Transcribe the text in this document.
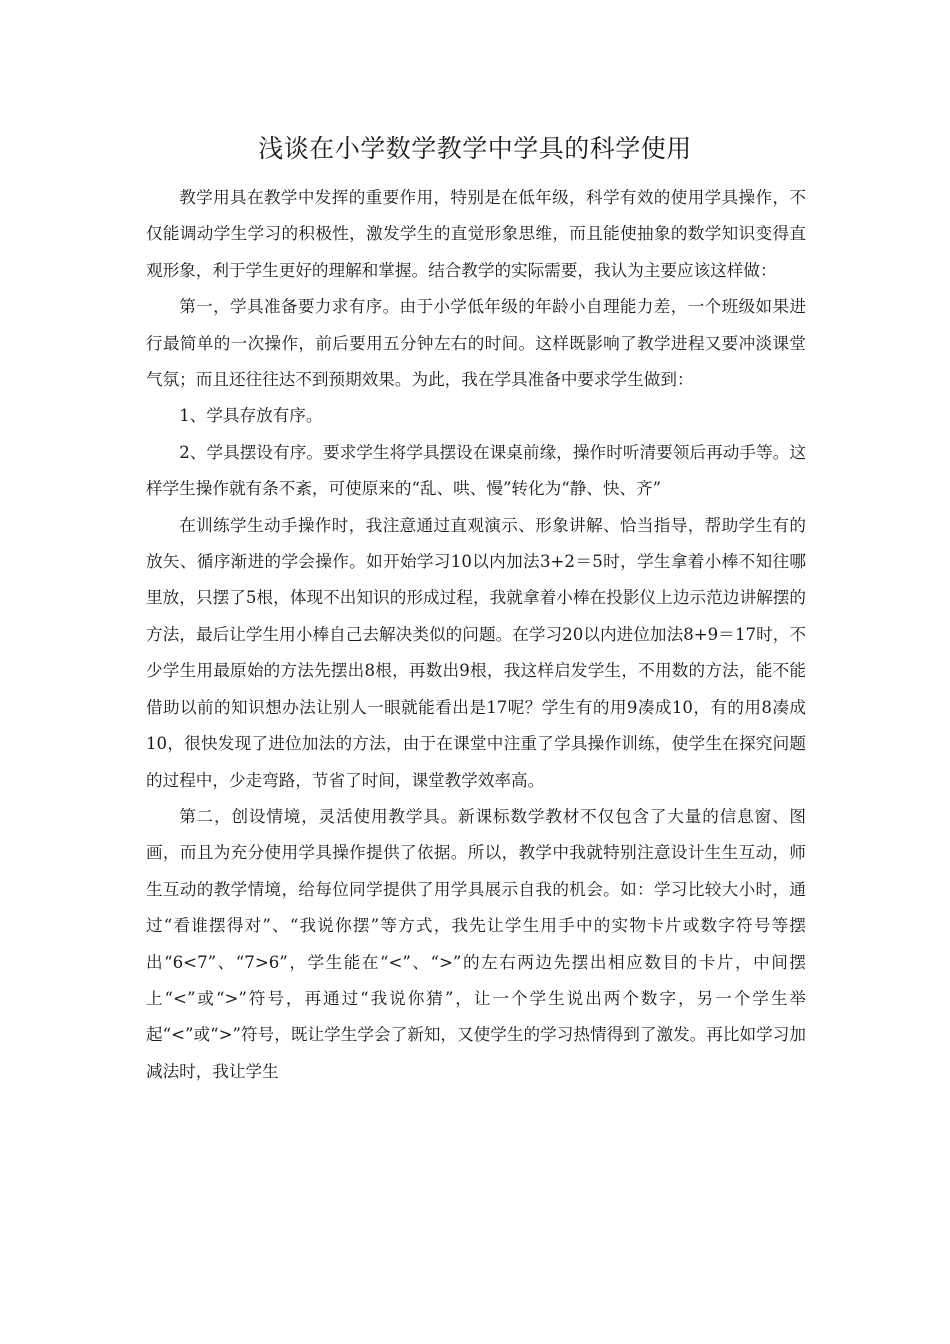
浅谈在小学数学教学中学具的科学使用

教学用具在教学中发挥的重要作用，特别是在低年级，科学有效的使用学具操作，不仅能调动学生学习的积极性，激发学生的直觉形象思维，而且能使抽象的数学知识变得直观形象，利于学生更好的理解和掌握。结合教学的实际需要，我认为主要应该这样做：

第一，学具准备要力求有序。由于小学低年级的年龄小自理能力差，一个班级如果进行最简单的一次操作，前后要用五分钟左右的时间。这样既影响了教学进程又要冲淡课堂气氛；而且还往往达不到预期效果。为此，我在学具准备中要求学生做到：

1、学具存放有序。

2、学具摆设有序。要求学生将学具摆设在课桌前缘，操作时听清要领后再动手等。这样学生操作就有条不紊，可使原来的“乱、哄、慢”转化为“静、快、齐”

在训练学生动手操作时，我注意通过直观演示、形象讲解、恰当指导，帮助学生有的放矢、循序渐进的学会操作。如开始学习10以内加法3+2＝5时，学生拿着小棒不知往哪里放，只摆了5根，体现不出知识的形成过程，我就拿着小棒在投影仪上边示范边讲解摆的方法，最后让学生用小棒自己去解决类似的问题。在学习20以内进位加法8+9＝17时，不少学生用最原始的方法先摆出8根，再数出9根，我这样启发学生，不用数的方法，能不能借助以前的知识想办法让别人一眼就能看出是17呢？学生有的用9凑成10，有的用8凑成10，很快发现了进位加法的方法，由于在课堂中注重了学具操作训练，使学生在探究问题的过程中，少走弯路，节省了时间，课堂教学效率高。

第二，创设情境，灵活使用教学具。新课标数学教材不仅包含了大量的信息窗、图画，而且为充分使用学具操作提供了依据。所以，教学中我就特别注意设计生生互动，师生互动的教学情境，给每位同学提供了用学具展示自我的机会。如：学习比较大小时，通过“看谁摆得对”、“我说你摆”等方式，我先让学生用手中的实物卡片或数字符号等摆出“6<7”、“7>6”，学生能在“<”、“>”的左右两边先摆出相应数目的卡片，中间摆上“<”或“>”符号，再通过“我说你猜”，让一个学生说出两个数字，另一个学生举起“<”或“>”符号，既让学生学会了新知，又使学生的学习热情得到了激发。再比如学习加减法时，我让学生
